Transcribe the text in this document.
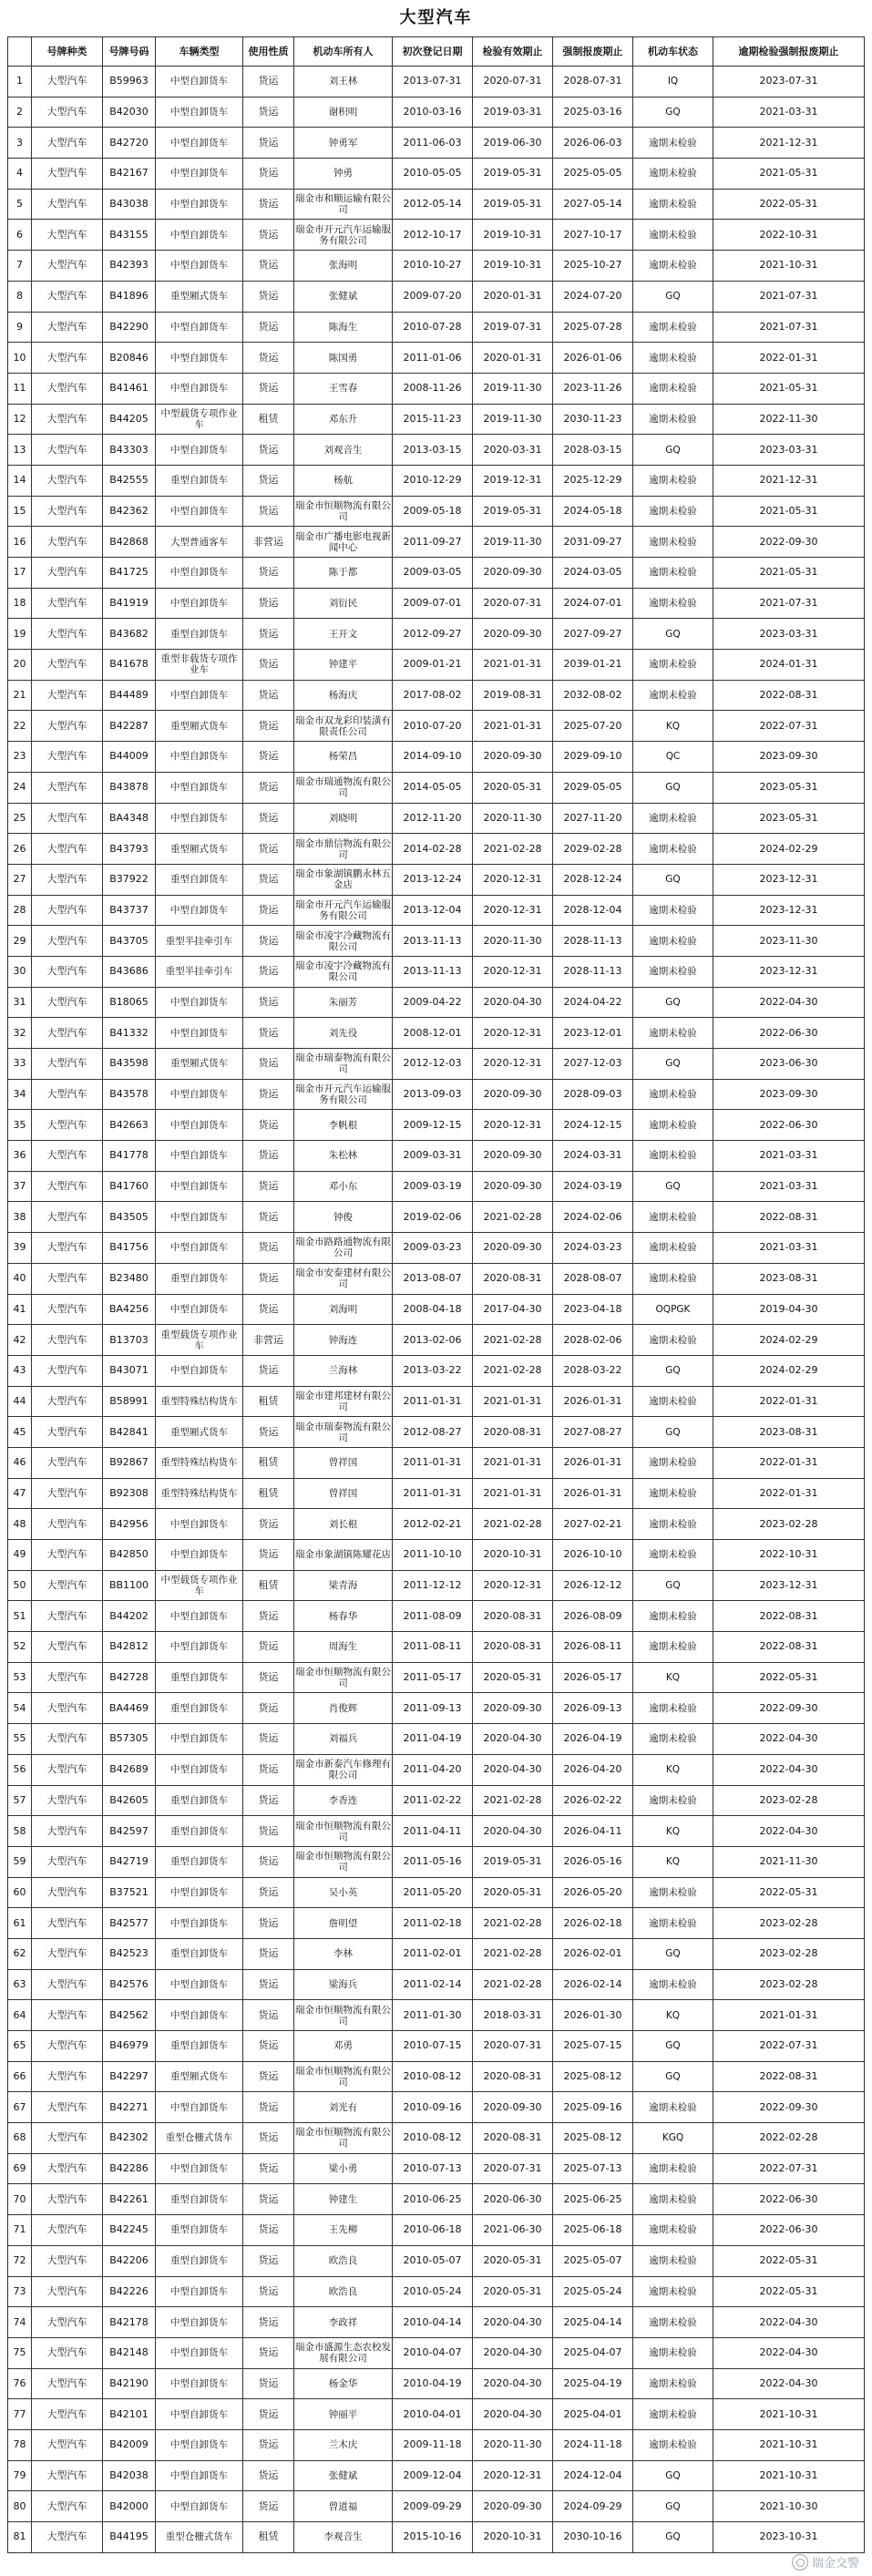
大型汽车
	号牌种类	号牌号码	车辆类型	使用性质	机动车所有人	初次登记日期	检验有效期止	强制报废期止	机动车状态	逾期检验强制报废期止
1	大型汽车	B59963	中型自卸货车	货运	刘王林	2013-07-31	2020-07-31	2028-07-31	IQ	2023-07-31
2	大型汽车	B42030	中型自卸货车	货运	谢积明	2010-03-16	2019-03-31	2025-03-16	GQ	2021-03-31
3	大型汽车	B42720	中型自卸货车	货运	钟勇军	2011-06-03	2019-06-30	2026-06-03	逾期未检验	2021-12-31
4	大型汽车	B42167	中型自卸货车	货运	钟勇	2010-05-05	2019-05-31	2025-05-05	逾期未检验	2021-05-31
5	大型汽车	B43038	中型自卸货车	货运	瑞金市和顺运输有限公司	2012-05-14	2019-05-31	2027-05-14	逾期未检验	2022-05-31
6	大型汽车	B43155	中型自卸货车	货运	瑞金市开元汽车运输服务有限公司	2012-10-17	2019-10-31	2027-10-17	逾期未检验	2022-10-31
7	大型汽车	B42393	中型自卸货车	货运	张海明	2010-10-27	2019-10-31	2025-10-27	逾期未检验	2021-10-31
8	大型汽车	B41896	重型厢式货车	货运	张健斌	2009-07-20	2020-01-31	2024-07-20	GQ	2021-07-31
9	大型汽车	B42290	中型自卸货车	货运	陈海生	2010-07-28	2019-07-31	2025-07-28	逾期未检验	2021-07-31
10	大型汽车	B20846	中型自卸货车	货运	陈国勇	2011-01-06	2020-01-31	2026-01-06	逾期未检验	2022-01-31
11	大型汽车	B41461	中型自卸货车	货运	王雪春	2008-11-26	2019-11-30	2023-11-26	逾期未检验	2021-05-31
12	大型汽车	B44205	中型载货专项作业车	租赁	邓东升	2015-11-23	2019-11-30	2030-11-23	逾期未检验	2022-11-30
13	大型汽车	B43303	中型自卸货车	货运	刘观音生	2013-03-15	2020-03-31	2028-03-15	GQ	2023-03-31
14	大型汽车	B42555	重型自卸货车	货运	杨航	2010-12-29	2019-12-31	2025-12-29	逾期未检验	2021-12-31
15	大型汽车	B42362	中型自卸货车	货运	瑞金市恒顺物流有限公司	2009-05-18	2019-05-31	2024-05-18	逾期未检验	2021-05-31
16	大型汽车	B42868	大型普通客车	非营运	瑞金市广播电影电视新闻中心	2011-09-27	2019-11-30	2031-09-27	逾期未检验	2022-09-30
17	大型汽车	B41725	中型自卸货车	货运	陈于都	2009-03-05	2020-09-30	2024-03-05	逾期未检验	2021-05-31
18	大型汽车	B41919	中型自卸货车	货运	刘衍民	2009-07-01	2020-07-31	2024-07-01	逾期未检验	2021-07-31
19	大型汽车	B43682	重型自卸货车	货运	王开文	2012-09-27	2020-09-30	2027-09-27	GQ	2023-03-31
20	大型汽车	B41678	重型非载货专项作业车	货运	钟建平	2009-01-21	2021-01-31	2039-01-21	逾期未检验	2024-01-31
21	大型汽车	B44489	中型自卸货车	货运	杨海庆	2017-08-02	2019-08-31	2032-08-02	逾期未检验	2022-08-31
22	大型汽车	B42287	重型厢式货车	货运	瑞金市双龙彩印装潢有限责任公司	2010-07-20	2021-01-31	2025-07-20	KQ	2022-07-31
23	大型汽车	B44009	中型自卸货车	货运	杨荣昌	2014-09-10	2020-09-30	2029-09-10	QC	2023-09-30
24	大型汽车	B43878	中型自卸货车	货运	瑞金市瑞通物流有限公司	2014-05-05	2020-05-31	2029-05-05	GQ	2023-05-31
25	大型汽车	BA4348	中型自卸货车	货运	刘晓明	2012-11-20	2020-11-30	2027-11-20	逾期未检验	2023-05-31
26	大型汽车	B43793	重型厢式货车	货运	瑞金市鼎信物流有限公司	2014-02-28	2021-02-28	2029-02-28	逾期未检验	2024-02-29
27	大型汽车	B37922	重型自卸货车	货运	瑞金市象湖镇鹏永林五金店	2013-12-24	2020-12-31	2028-12-24	GQ	2023-12-31
28	大型汽车	B43737	中型自卸货车	货运	瑞金市开元汽车运输服务有限公司	2013-12-04	2020-12-31	2028-12-04	逾期未检验	2023-12-31
29	大型汽车	B43705	重型半挂牵引车	货运	瑞金市凌宇冷藏物流有限公司	2013-11-13	2020-11-30	2028-11-13	逾期未检验	2023-11-30
30	大型汽车	B43686	重型半挂牵引车	货运	瑞金市凌宇冷藏物流有限公司	2013-11-13	2020-12-31	2028-11-13	逾期未检验	2023-12-31
31	大型汽车	B18065	中型自卸货车	货运	朱丽芳	2009-04-22	2020-04-30	2024-04-22	GQ	2022-04-30
32	大型汽车	B41332	中型自卸货车	货运	刘先役	2008-12-01	2020-12-31	2023-12-01	逾期未检验	2022-06-30
33	大型汽车	B43598	重型厢式货车	货运	瑞金市瑞泰物流有限公司	2012-12-03	2020-12-31	2027-12-03	GQ	2023-06-30
34	大型汽车	B43578	中型自卸货车	货运	瑞金市开元汽车运输服务有限公司	2013-09-03	2020-09-30	2028-09-03	逾期未检验	2023-09-30
35	大型汽车	B42663	中型自卸货车	货运	李帆根	2009-12-15	2020-12-31	2024-12-15	逾期未检验	2022-06-30
36	大型汽车	B41778	中型自卸货车	货运	朱松林	2009-03-31	2020-09-30	2024-03-31	逾期未检验	2021-03-31
37	大型汽车	B41760	中型自卸货车	货运	邓小东	2009-03-19	2020-09-30	2024-03-19	GQ	2021-03-31
38	大型汽车	B43505	中型自卸货车	货运	钟俊	2019-02-06	2021-02-28	2024-02-06	逾期未检验	2022-08-31
39	大型汽车	B41756	中型自卸货车	货运	瑞金市路路通物流有限公司	2009-03-23	2020-09-30	2024-03-23	逾期未检验	2021-03-31
40	大型汽车	B23480	重型自卸货车	货运	瑞金市安泰建材有限公司	2013-08-07	2020-08-31	2028-08-07	逾期未检验	2023-08-31
41	大型汽车	BA4256	中型自卸货车	货运	刘海明	2008-04-18	2017-04-30	2023-04-18	OQPGK	2019-04-30
42	大型汽车	B13703	重型载货专项作业车	非营运	钟海连	2013-02-06	2021-02-28	2028-02-06	逾期未检验	2024-02-29
43	大型汽车	B43071	中型自卸货车	货运	兰海林	2013-03-22	2021-02-28	2028-03-22	GQ	2024-02-29
44	大型汽车	B58991	重型特殊结构货车	租赁	瑞金市建邦建材有限公司	2011-01-31	2021-01-31	2026-01-31	逾期未检验	2022-01-31
45	大型汽车	B42841	重型厢式货车	货运	瑞金市瑞泰物流有限公司	2012-08-27	2020-08-31	2027-08-27	GQ	2023-08-31
46	大型汽车	B92867	重型特殊结构货车	租赁	曾祥国	2011-01-31	2021-01-31	2026-01-31	逾期未检验	2022-01-31
47	大型汽车	B92308	重型特殊结构货车	租赁	曾祥国	2011-01-31	2021-01-31	2026-01-31	逾期未检验	2022-01-31
48	大型汽车	B42956	中型自卸货车	货运	刘长根	2012-02-21	2021-02-28	2027-02-21	逾期未检验	2023-02-28
49	大型汽车	B42850	中型自卸货车	货运	瑞金市象湖镇陈耀花店	2011-10-10	2020-10-31	2026-10-10	逾期未检验	2022-10-31
50	大型汽车	BB1100	中型载货专项作业车	租赁	梁青海	2011-12-12	2020-12-31	2026-12-12	GQ	2023-12-31
51	大型汽车	B44202	中型自卸货车	货运	杨春华	2011-08-09	2020-08-31	2026-08-09	逾期未检验	2022-08-31
52	大型汽车	B42812	中型自卸货车	货运	周海生	2011-08-11	2020-08-31	2026-08-11	逾期未检验	2022-08-31
53	大型汽车	B42728	重型自卸货车	货运	瑞金市恒顺物流有限公司	2011-05-17	2020-05-31	2026-05-17	KQ	2022-05-31
54	大型汽车	BA4469	重型自卸货车	货运	肖俊辉	2011-09-13	2020-09-30	2026-09-13	逾期未检验	2022-09-30
55	大型汽车	B57305	中型自卸货车	货运	刘福兵	2011-04-19	2020-04-30	2026-04-19	逾期未检验	2022-04-30
56	大型汽车	B42689	中型自卸货车	货运	瑞金市新泰汽车修理有限公司	2011-04-20	2020-04-30	2026-04-20	KQ	2022-04-30
57	大型汽车	B42605	重型自卸货车	货运	李香连	2011-02-22	2021-02-28	2026-02-22	逾期未检验	2023-02-28
58	大型汽车	B42597	重型自卸货车	货运	瑞金市恒顺物流有限公司	2011-04-11	2020-04-30	2026-04-11	KQ	2022-04-30
59	大型汽车	B42719	重型自卸货车	货运	瑞金市恒顺物流有限公司	2011-05-16	2019-05-31	2026-05-16	KQ	2021-11-30
60	大型汽车	B37521	中型自卸货车	货运	吴小英	2011-05-20	2020-05-31	2026-05-20	逾期未检验	2022-05-31
61	大型汽车	B42577	中型自卸货车	货运	詹明望	2011-02-18	2021-02-28	2026-02-18	逾期未检验	2023-02-28
62	大型汽车	B42523	重型自卸货车	货运	李林	2011-02-01	2021-02-28	2026-02-01	GQ	2023-02-28
63	大型汽车	B42576	中型自卸货车	货运	梁海兵	2011-02-14	2021-02-28	2026-02-14	逾期未检验	2023-02-28
64	大型汽车	B42562	中型自卸货车	货运	瑞金市恒顺物流有限公司	2011-01-30	2018-03-31	2026-01-30	KQ	2021-01-31
65	大型汽车	B46979	重型自卸货车	货运	邓勇	2010-07-15	2020-07-31	2025-07-15	GQ	2022-07-31
66	大型汽车	B42297	重型厢式货车	货运	瑞金市恒顺物流有限公司	2010-08-12	2020-08-31	2025-08-12	GQ	2022-08-31
67	大型汽车	B42271	中型自卸货车	货运	刘光有	2010-09-16	2020-09-30	2025-09-16	逾期未检验	2022-09-30
68	大型汽车	B42302	重型仓栅式货车	货运	瑞金市恒顺物流有限公司	2010-08-12	2020-08-31	2025-08-12	KGQ	2022-02-28
69	大型汽车	B42286	中型自卸货车	货运	梁小勇	2010-07-13	2020-07-31	2025-07-13	逾期未检验	2022-07-31
70	大型汽车	B42261	重型自卸货车	货运	钟建生	2010-06-25	2020-06-30	2025-06-25	逾期未检验	2022-06-30
71	大型汽车	B42245	重型自卸货车	货运	王先柳	2010-06-18	2021-06-30	2025-06-18	逾期未检验	2022-06-30
72	大型汽车	B42206	重型自卸货车	货运	欧浩良	2010-05-07	2020-05-31	2025-05-07	逾期未检验	2022-05-31
73	大型汽车	B42226	中型自卸货车	货运	欧浩良	2010-05-24	2020-05-31	2025-05-24	逾期未检验	2022-05-31
74	大型汽车	B42178	中型自卸货车	货运	李政祥	2010-04-14	2020-04-30	2025-04-14	逾期未检验	2022-04-30
75	大型汽车	B42148	中型自卸货车	货运	瑞金市盛源生态农校发展有限公司	2010-04-07	2020-04-30	2025-04-07	逾期未检验	2022-04-30
76	大型汽车	B42190	中型自卸货车	货运	杨金华	2010-04-19	2020-04-30	2025-04-19	逾期未检验	2022-04-30
77	大型汽车	B42101	中型自卸货车	货运	钟丽平	2010-04-01	2020-04-30	2025-04-01	逾期未检验	2021-10-31
78	大型汽车	B42009	中型自卸货车	货运	兰木庆	2009-11-18	2020-11-30	2024-11-18	逾期未检验	2021-10-31
79	大型汽车	B42038	中型自卸货车	货运	张健斌	2009-12-04	2020-12-31	2024-12-04	GQ	2021-10-31
80	大型汽车	B42000	中型自卸货车	货运	曾道福	2009-09-29	2020-09-30	2024-09-29	GQ	2021-10-30
81	大型汽车	B44195	重型仓栅式货车	租赁	李观音生	2015-10-16	2020-10-31	2030-10-16	GQ	2023-10-31
瑞金交警
